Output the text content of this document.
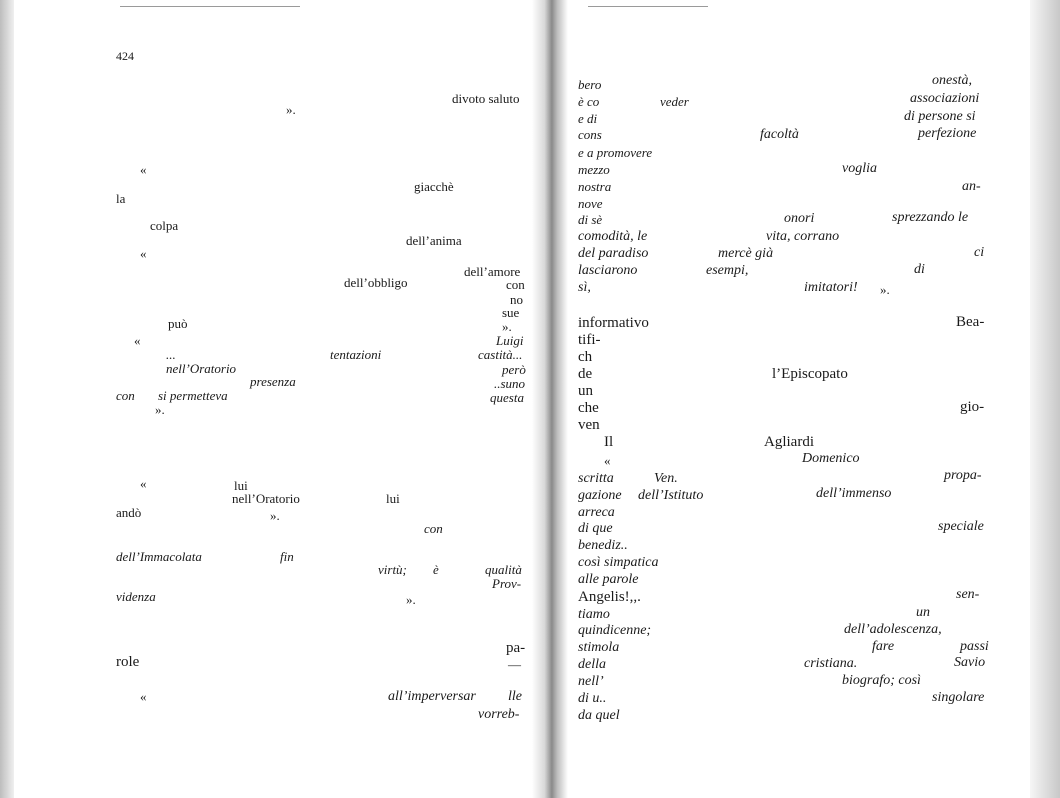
424
divoto saluto
».
«
giacchè
la
colpa
dell’anima
«
dell’amore
dell’obbligo	con
no
sue
può	».
«	Luigi
...	tentazioni	castità...
nell’Oratorio	però
presenza	..suno
con si permetteva	questa
».
«	lui
nell’Oratorio	lui
andò	».
con
dell’Immacolata	fin
virtù; è	qualità
Prov-
videnza	».
pa-
—
role
«	all’imperversar lle
vorreb-
bero	onestà,
è co	veder	associazioni
e di	di persone si
cons	facoltà	perfezione
e a promovere
mezzo	voglia
nostra	an-
nove
di sè	onori	sprezzando le
comodità, le	vita, corrano
del paradiso	mercè già	ci
lasciarono	esempi,	di
sì,	imitatori! ».
informativo	Bea-
tifi-
ch
de	l’Episcopato
un
che	gio-
ven
Il	Agliardi
«	Domenico
scritta	Ven.	propa-
gazione dell’Istituto	dell’immenso
arreca
di que	speciale
benediz..
così simpatica
alle parole
Angelis!,,.	sen-
tiamo	un
quindicenne;	dell’adolescenza,
stimola	fare	passi
della	cristiana.	Savio
nell’	biografo; così
di u..	singolare
da quel
